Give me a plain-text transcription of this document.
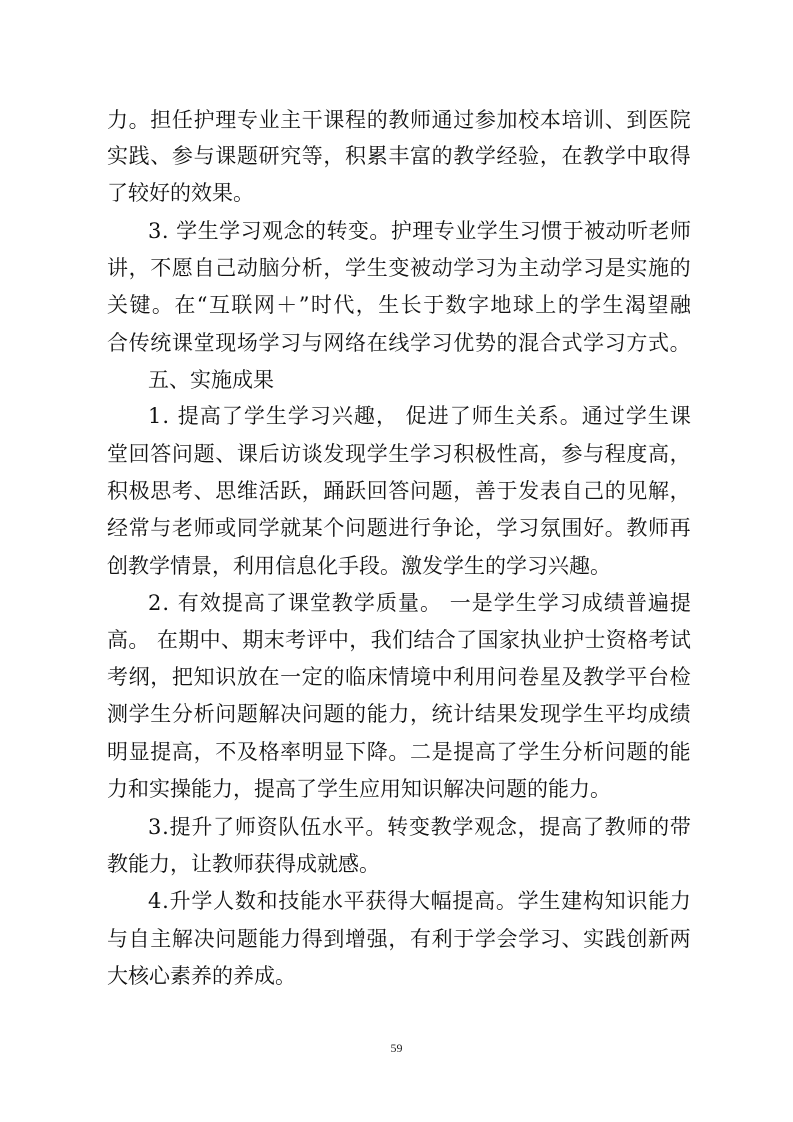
力 。 担 任 护 理 专 业 主 干 课 程 的 教 师 通 过 参 加 校 本 培 训 、 到 医 院
实 践 、 参 与 课 题 研 究 等 ， 积 累 丰 富 的 教 学 经 验 ， 在 教 学 中 取 得
了较好的效果。
3 .
学 生 学 习 观 念 的 转 变 。 护 理 专 业 学 生 习 惯 于 被 动 听 老 师
讲 ， 不 愿 自 己 动 脑 分 析 ， 学 生 变 被 动 学 习 为 主 动 学 习 是 实 施 的
关 键 。 在 “ 互 联 网 ＋ ” 时 代 ， 生 长 于 数 字 地 球 上 的 学 生 渴 望 融
合 传 统 课 堂 现 场 学 习 与 网 络 在 线 学 习 优 势 的 混 合 式 学 习 方 式 。
五、实施成果
1 .
提 高 了 学 生 学 习 兴 趣 ，
促 进 了 师 生 关 系 。 通 过 学 生 课
堂 回 答 问 题 、 课 后 访 谈 发 现 学 生 学 习 积 极 性 高 ， 参 与 程 度 高 ，
积 极 思 考 、 思 维 活 跃 ， 踊 跃 回 答 问 题 ， 善 于 发 表 自 己 的 见 解 ，
经 常 与 老 师 或 同 学 就 某 个 问 题 进 行 争 论 ， 学 习 氛 围 好 。 教 师 再
创教学情景，利用信息化手段。激发学生的学习兴趣。
2 .
有 效 提 高 了 课 堂 教 学 质 量 。
一 是 学 生 学 习 成 绩 普 遍 提
高 。
在 期 中 、 期 末 考 评 中 ， 我 们 结 合 了 国 家 执 业 护 士 资 格 考 试
考 纲 ， 把 知 识 放 在 一 定 的 临 床 情 境 中 利 用 问 卷 星 及 教 学 平 台 检
测 学 生 分 析 问 题 解 决 问 题 的 能 力 ， 统 计 结 果 发 现 学 生 平 均 成 绩
明 显 提 高 ， 不 及 格 率 明 显 下 降 。 二 是 提 高 了 学 生 分 析 问 题 的 能
力和实操能力，提高了学生应用知识解决问题的能力。
3 . 提 升 了 师 资 队 伍 水 平 。 转 变 教 学 观 念 ， 提 高 了 教 师 的 带
教能力，让教师获得成就感。
4 . 升 学 人 数 和 技 能 水 平 获 得 大 幅 提 高 。 学 生 建 构 知 识 能 力
与 自 主 解 决 问 题 能 力 得 到 增 强 ， 有 利 于 学 会 学 习 、 实 践 创 新 两
大核心素养的养成。
59
